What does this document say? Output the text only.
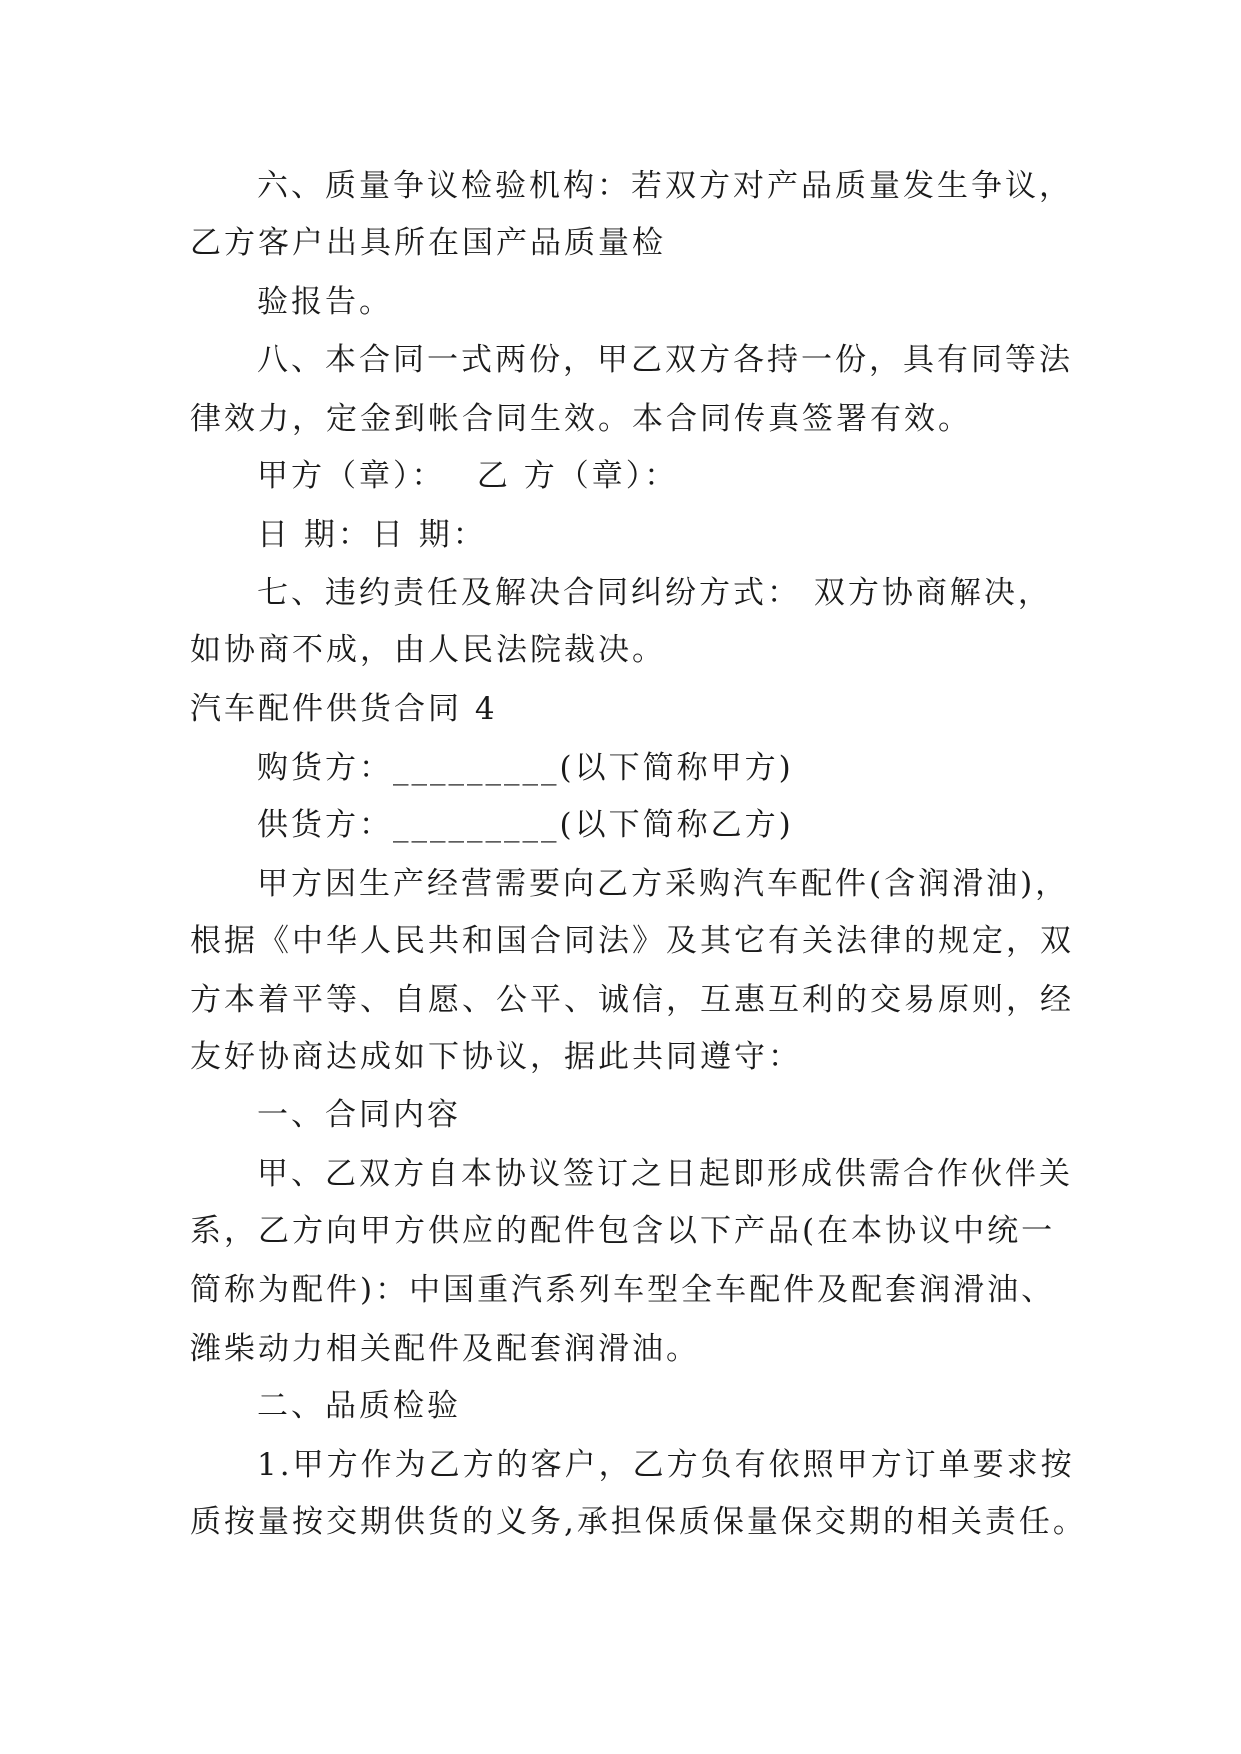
六、质量争议检验机构：若双方对产品质量发生争议，
乙方客户出具所在国产品质量检
验报告。
八、本合同一式两份，甲乙双方各持一份，具有同等法
律效力，定金到帐合同生效。本合同传真签署有效。
甲方（章）：　 乙 方（章）：
日 期：日 期：
七、违约责任及解决合同纠纷方式： 双方协商解决，
如协商不成，由人民法院裁决。
汽车配件供货合同 4
购货方：_________(以下简称甲方)
供货方：_________(以下简称乙方)
甲方因生产经营需要向乙方采购汽车配件(含润滑油)，
根据《中华人民共和国合同法》及其它有关法律的规定，双
方本着平等、自愿、公平、诚信，互惠互利的交易原则，经
友好协商达成如下协议，据此共同遵守：
一、合同内容
甲、乙双方自本协议签订之日起即形成供需合作伙伴关
系，乙方向甲方供应的配件包含以下产品(在本协议中统一
简称为配件)：中国重汽系列车型全车配件及配套润滑油、
潍柴动力相关配件及配套润滑油。
二、品质检验
1.甲方作为乙方的客户，乙方负有依照甲方订单要求按
质按量按交期供货的义务,承担保质保量保交期的相关责任。
